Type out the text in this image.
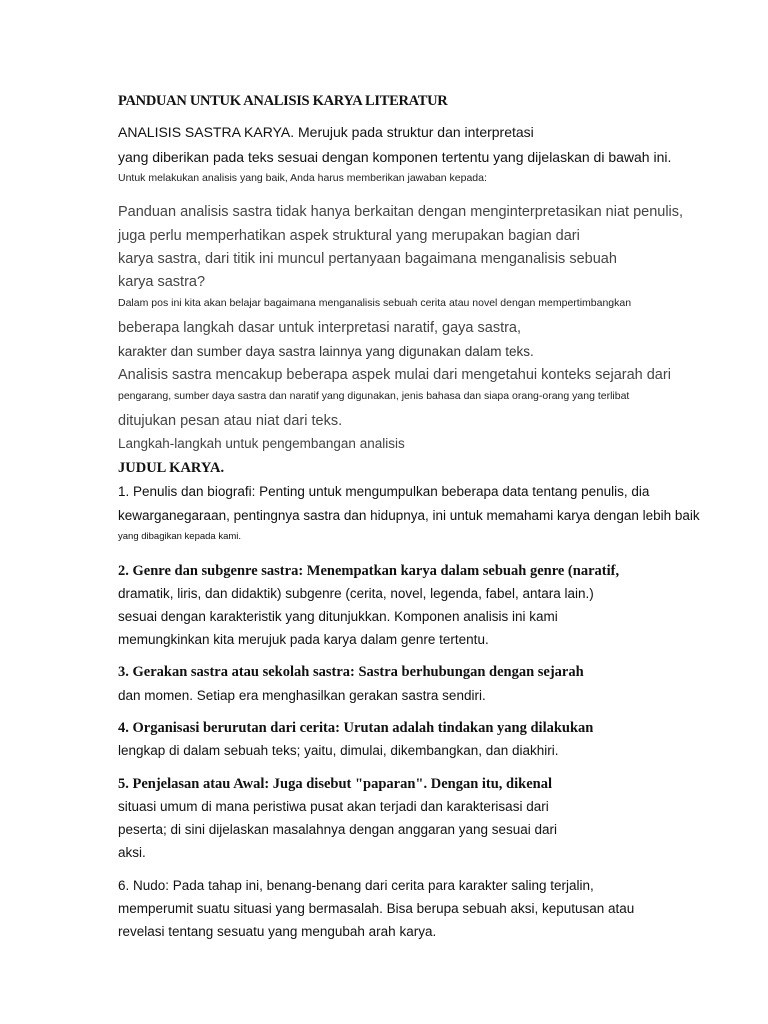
PANDUAN UNTUK ANALISIS KARYA LITERATUR

ANALISIS SASTRA KARYA. Merujuk pada struktur dan interpretasi

yang diberikan pada teks sesuai dengan komponen tertentu yang dijelaskan di bawah ini.

Untuk melakukan analisis yang baik, Anda harus memberikan jawaban kepada:

Panduan analisis sastra tidak hanya berkaitan dengan menginterpretasikan niat penulis,

juga perlu memperhatikan aspek struktural yang merupakan bagian dari

karya sastra, dari titik ini muncul pertanyaan bagaimana menganalisis sebuah

karya sastra?

Dalam pos ini kita akan belajar bagaimana menganalisis sebuah cerita atau novel dengan mempertimbangkan

beberapa langkah dasar untuk interpretasi naratif, gaya sastra,

karakter dan sumber daya sastra lainnya yang digunakan dalam teks.

Analisis sastra mencakup beberapa aspek mulai dari mengetahui konteks sejarah dari

pengarang, sumber daya sastra dan naratif yang digunakan, jenis bahasa dan siapa orang-orang yang terlibat

ditujukan pesan atau niat dari teks.

Langkah-langkah untuk pengembangan analisis

JUDUL KARYA.

1. Penulis dan biografi: Penting untuk mengumpulkan beberapa data tentang penulis, dia

kewarganegaraan, pentingnya sastra dan hidupnya, ini untuk memahami karya dengan lebih baik

yang dibagikan kepada kami.

2. Genre dan subgenre sastra: Menempatkan karya dalam sebuah genre (naratif,

dramatik, liris, dan didaktik) subgenre (cerita, novel, legenda, fabel, antara lain.)

sesuai dengan karakteristik yang ditunjukkan. Komponen analisis ini kami

memungkinkan kita merujuk pada karya dalam genre tertentu.

3. Gerakan sastra atau sekolah sastra: Sastra berhubungan dengan sejarah

dan momen. Setiap era menghasilkan gerakan sastra sendiri.

4. Organisasi berurutan dari cerita: Urutan adalah tindakan yang dilakukan

lengkap di dalam sebuah teks; yaitu, dimulai, dikembangkan, dan diakhiri.

5. Penjelasan atau Awal: Juga disebut "paparan". Dengan itu, dikenal

situasi umum di mana peristiwa pusat akan terjadi dan karakterisasi dari

peserta; di sini dijelaskan masalahnya dengan anggaran yang sesuai dari

aksi.

6. Nudo: Pada tahap ini, benang-benang dari cerita para karakter saling terjalin,

memperumit suatu situasi yang bermasalah. Bisa berupa sebuah aksi, keputusan atau

revelasi tentang sesuatu yang mengubah arah karya.
